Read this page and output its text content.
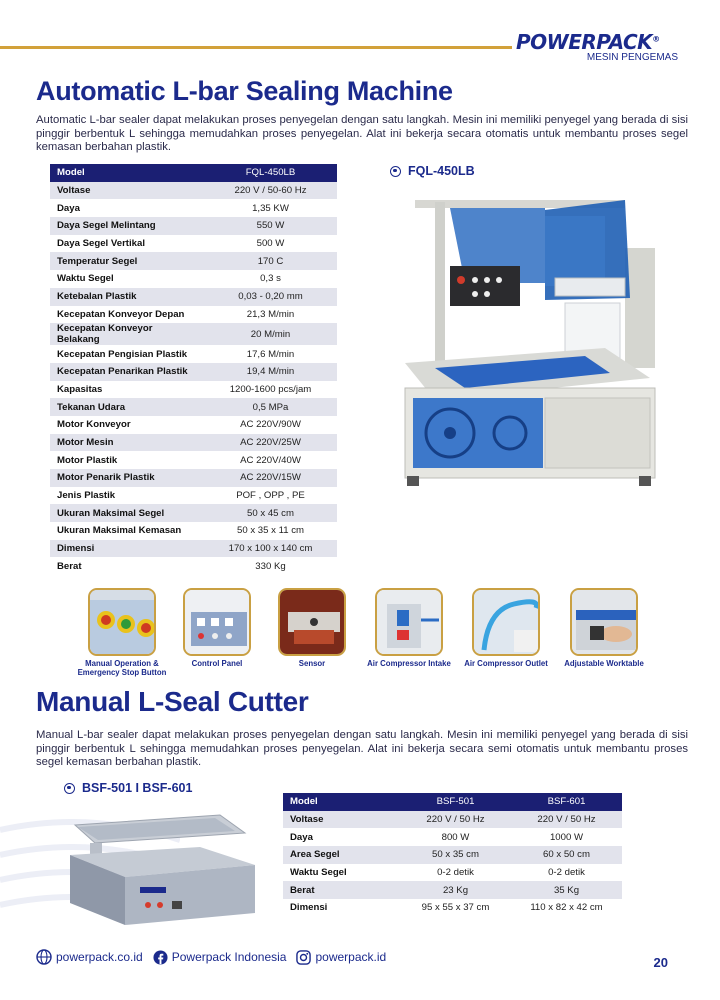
POWERPACK®
MESIN PENGEMAS
Automatic L-bar Sealing Machine

Automatic L-bar sealer dapat melakukan proses penyegelan dengan satu langkah. Mesin ini memiliki penyegel yang berada di sisi pinggir berbentuk L sehingga memudahkan proses penyegelan. Alat ini bekerja secara otomatis untuk membantu proses segel kemasan berbahan plastik.

Model	FQL-450LB
Voltase	220 V / 50-60 Hz
Daya	1,35 KW
Daya Segel Melintang	550 W
Daya Segel Vertikal	500 W
Temperatur Segel	170 C
Waktu Segel	0,3 s
Ketebalan Plastik	0,03 - 0,20 mm
Kecepatan Konveyor Depan	21,3 M/min
Kecepatan Konveyor Belakang	20 M/min
Kecepatan Pengisian Plastik	17,6 M/min
Kecepatan Penarikan Plastik	19,4 M/min
Kapasitas	1200-1600 pcs/jam
Tekanan Udara	0,5 MPa
Motor Konveyor	AC 220V/90W
Motor Mesin	AC 220V/25W
Motor Plastik	AC 220V/40W
Motor Penarik Plastik	AC 220V/15W
Jenis Plastik	POF , OPP , PE
Ukuran Maksimal Segel	50 x 45 cm
Ukuran Maksimal Kemasan	50 x 35 x 11 cm
Dimensi	170 x 100 x 140 cm
Berat	330 Kg
FQL-450LB
Manual Operation & Emergency Stop Button
Control Panel	Sensor	Air Compressor Intake	Air Compressor Outlet	Adjustable Worktable
Manual L-Seal Cutter

Manual L-bar sealer dapat melakukan proses penyegelan dengan satu langkah. Mesin ini memiliki penyegel yang berada di sisi pinggir berbentuk L sehingga memudahkan proses penyegelan. Alat ini bekerja secara semi otomatis untuk membantu proses segel kemasan berbahan plastik.

BSF-501 I BSF-601
Model	BSF-501	BSF-601
Voltase	220 V / 50 Hz	220 V / 50 Hz
Daya	800 W	1000 W
Area Segel	50 x 35 cm	60 x 50 cm
Waktu Segel	0-2 detik	0-2 detik
Berat	23 Kg	35 Kg
Dimensi	95 x 55 x 37 cm	110 x 82 x 42 cm
powerpack.co.id Powerpack Indonesia powerpack.id	20
